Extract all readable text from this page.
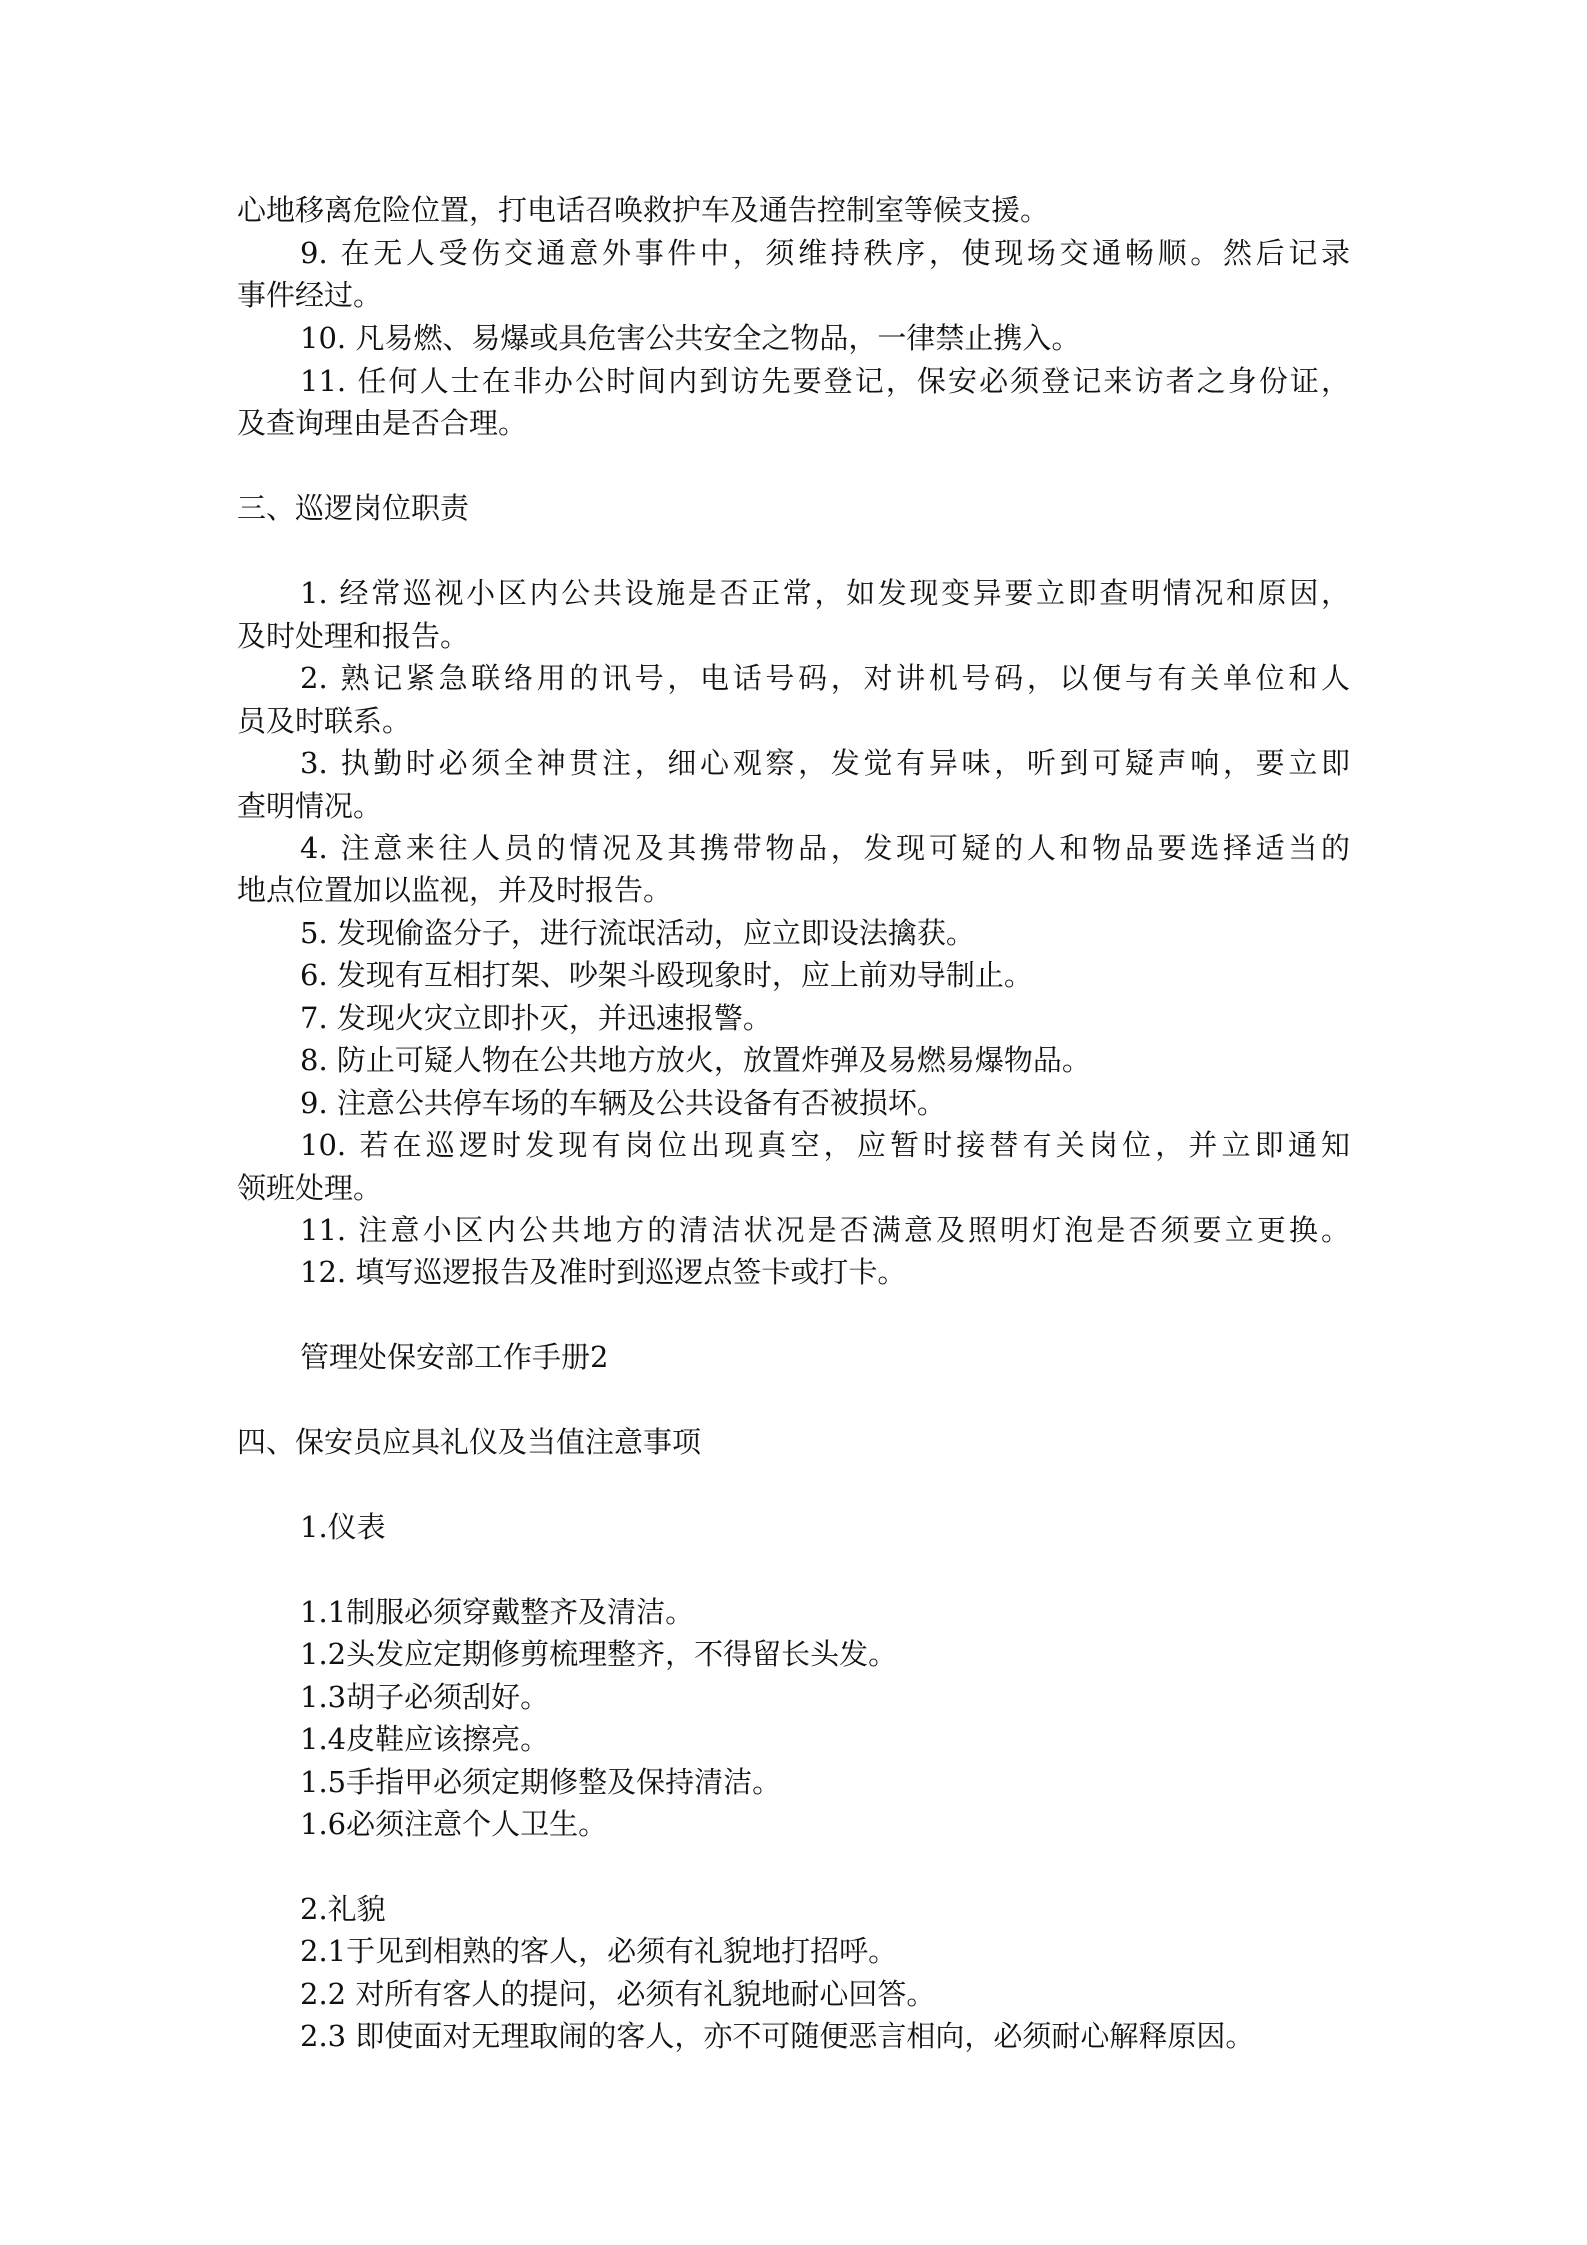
心地移离危险位置，打电话召唤救护车及通告控制室等候支援。
9. 在无人受伤交通意外事件中，须维持秩序，使现场交通畅顺。然后记录
事件经过。
10. 凡易燃、易爆或具危害公共安全之物品，一律禁止携入。
11. 任何人士在非办公时间内到访先要登记，保安必须登记来访者之身份证，
及查询理由是否合理。
三、巡逻岗位职责
1. 经常巡视小区内公共设施是否正常，如发现变异要立即查明情况和原因，
及时处理和报告。
2. 熟记紧急联络用的讯号，电话号码，对讲机号码，以便与有关单位和人
员及时联系。
3. 执勤时必须全神贯注，细心观察，发觉有异味，听到可疑声响，要立即
查明情况。
4. 注意来往人员的情况及其携带物品，发现可疑的人和物品要选择适当的
地点位置加以监视，并及时报告。
5. 发现偷盗分子，进行流氓活动，应立即设法擒获。
6. 发现有互相打架、吵架斗殴现象时，应上前劝导制止。
7. 发现火灾立即扑灭，并迅速报警。
8. 防止可疑人物在公共地方放火，放置炸弹及易燃易爆物品。
9. 注意公共停车场的车辆及公共设备有否被损坏。
10. 若在巡逻时发现有岗位出现真空，应暂时接替有关岗位，并立即通知
领班处理。
11. 注意小区内公共地方的清洁状况是否满意及照明灯泡是否须要立更换。
12. 填写巡逻报告及准时到巡逻点签卡或打卡。
管理处保安部工作手册2
四、保安员应具礼仪及当值注意事项
1.仪表
1.1制服必须穿戴整齐及清洁。
1.2头发应定期修剪梳理整齐，不得留长头发。
1.3胡子必须刮好。
1.4皮鞋应该擦亮。
1.5手指甲必须定期修整及保持清洁。
1.6必须注意个人卫生。
2.礼貌
2.1于见到相熟的客人，必须有礼貌地打招呼。
2.2 对所有客人的提问，必须有礼貌地耐心回答。
2.3 即使面对无理取闹的客人，亦不可随便恶言相向，必须耐心解释原因。
